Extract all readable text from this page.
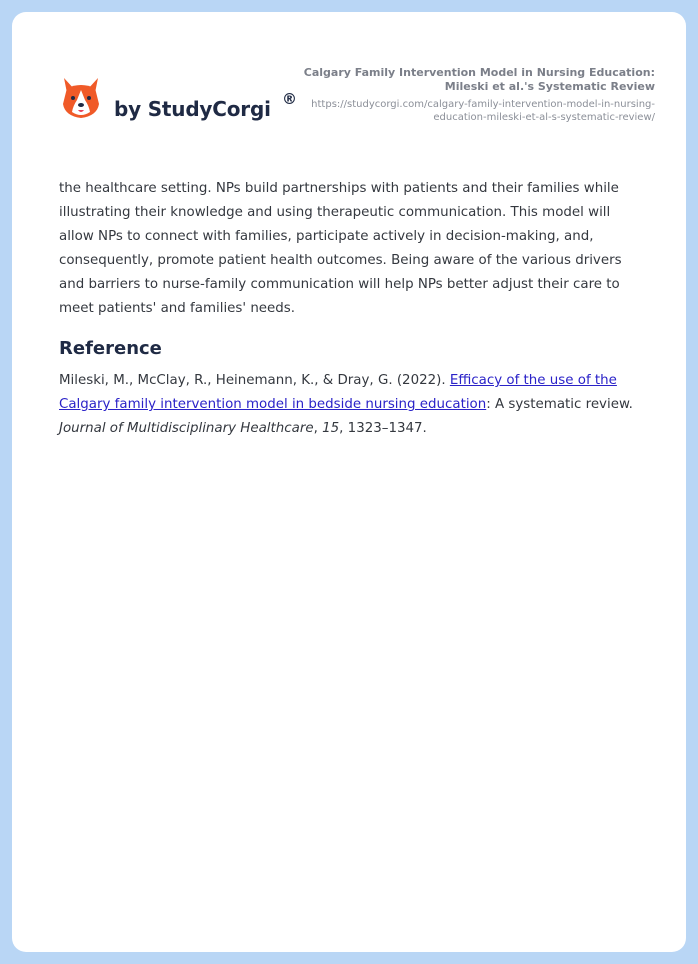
by StudyCorgi ®
Calgary Family Intervention Model in Nursing Education: Mileski et al.'s Systematic Review
https://studycorgi.com/calgary-family-intervention-model-in-nursing-education-mileski-et-al-s-systematic-review/

the healthcare setting. NPs build partnerships with patients and their families while illustrating their knowledge and using therapeutic communication. This model will allow NPs to connect with families, participate actively in decision-making, and, consequently, promote patient health outcomes. Being aware of the various drivers and barriers to nurse-family communication will help NPs better adjust their care to meet patients' and families' needs.

Reference

Mileski, M., McClay, R., Heinemann, K., & Dray, G. (2022). Efficacy of the use of the Calgary family intervention model in bedside nursing education: A systematic review. Journal of Multidisciplinary Healthcare, 15, 1323–1347.
